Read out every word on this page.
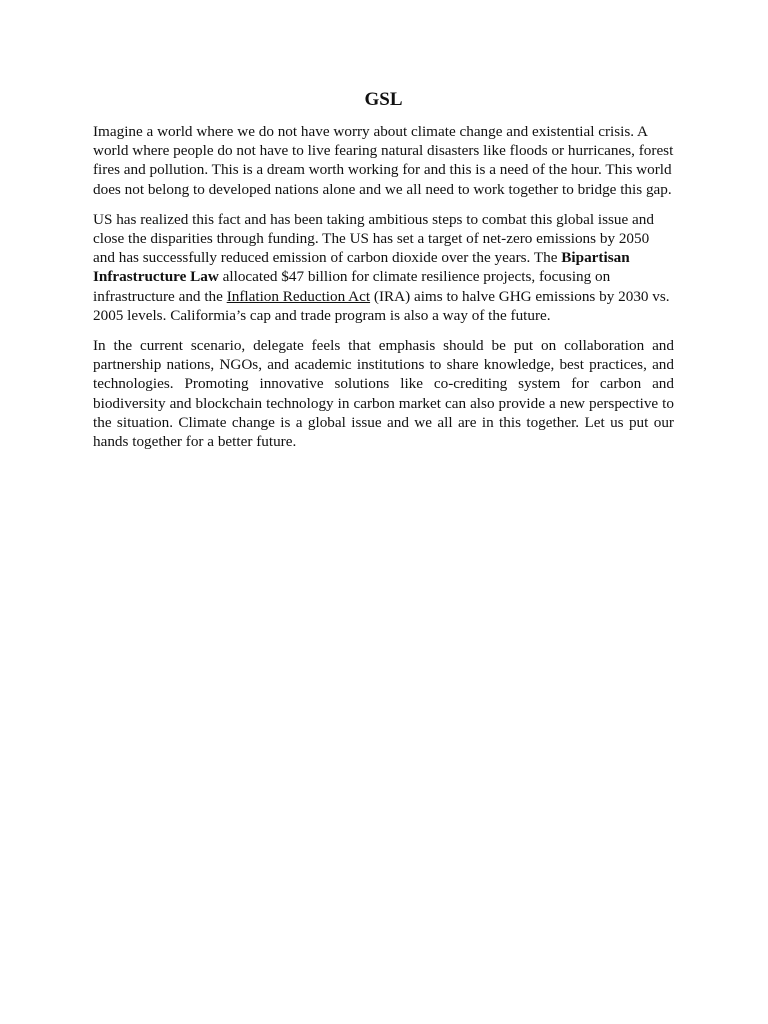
GSL

Imagine a world where we do not have worry about climate change and existential crisis. A world where people do not have to live fearing natural disasters like floods or hurricanes, forest fires and pollution. This is a dream worth working for and this is a need of the hour. This world does not belong to developed nations alone and we all need to work together to bridge this gap.

US has realized this fact and has been taking ambitious steps to combat this global issue and close the disparities through funding. The US has set a target of net-zero emissions by 2050 and has successfully reduced emission of carbon dioxide over the years. The Bipartisan Infrastructure Law allocated $47 billion for climate resilience projects, focusing on infrastructure and the Inflation Reduction Act (IRA) aims to halve GHG emissions by 2030 vs. 2005 levels. Califormia’s cap and trade program is also a way of the future.

In the current scenario, delegate feels that emphasis should be put on collaboration and partnership nations, NGOs, and academic institutions to share knowledge, best practices, and technologies. Promoting innovative solutions like co-crediting system for carbon and biodiversity and blockchain technology in carbon market can also provide a new perspective to the situation. Climate change is a global issue and we all are in this together. Let us put our hands together for a better future.
